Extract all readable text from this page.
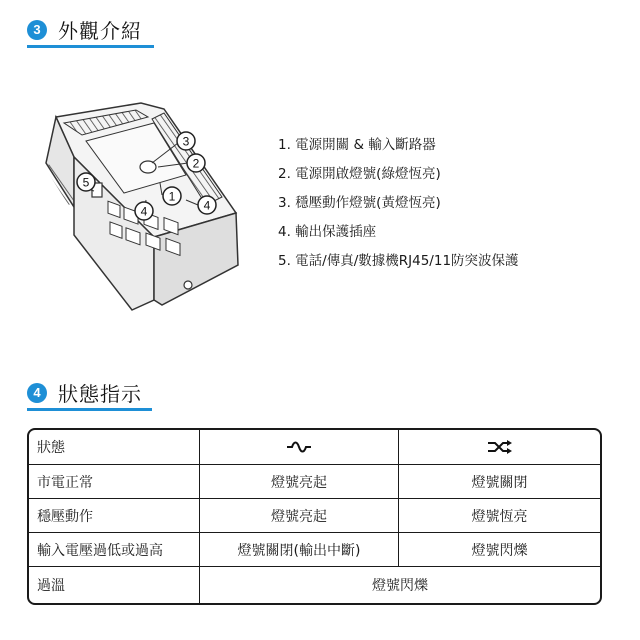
3 外觀介紹
3
2
1
4	4
5
1. 電源開關 & 輸入斷路器
2. 電源開啟燈號(綠燈恆亮)
3. 穩壓動作燈號(黃燈恆亮)
4. 輸出保護插座
5. 電話/傳真/數據機RJ45/11防突波保護
4 狀態指示
狀態		
市電正常	燈號亮起	燈號關閉
穩壓動作	燈號亮起	燈號恆亮
輸入電壓過低或過高	燈號關閉(輸出中斷)	燈號閃爍
過溫	燈號閃爍	
